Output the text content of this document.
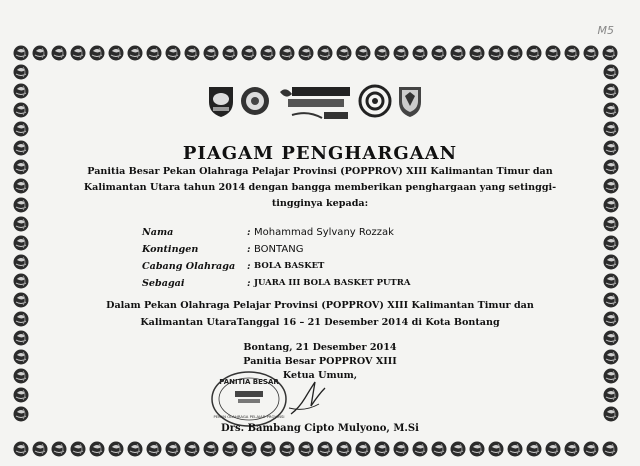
M5
PIAGAM PENGHARGAAN
Panitia Besar Pekan Olahraga Pelajar Provinsi (POPPROV) XIII Kalimantan Timur dan
Kalimantan Utara tahun 2014 dengan bangga memberikan penghargaan yang setinggi-
tingginya kepada:
Nama	: Mohammad Sylvany Rozzak
Kontingen	: BONTANG
Cabang Olahraga	: BOLA BASKET
Sebagai	: JUARA III BOLA BASKET PUTRA
Dalam Pekan Olahraga Pelajar Provinsi (POPPROV) XIII Kalimantan Timur dan
Kalimantan UtaraTanggal 16 – 21 Desember 2014 di Kota Bontang
Bontang, 21 Desember 2014
Panitia Besar POPPROV XIII
Ketua Umum,
PANITIA BESAR
PEKAN OLAHRAGA PELAJAR PROVINSI
Drs. Bambang Cipto Mulyono, M.Si
